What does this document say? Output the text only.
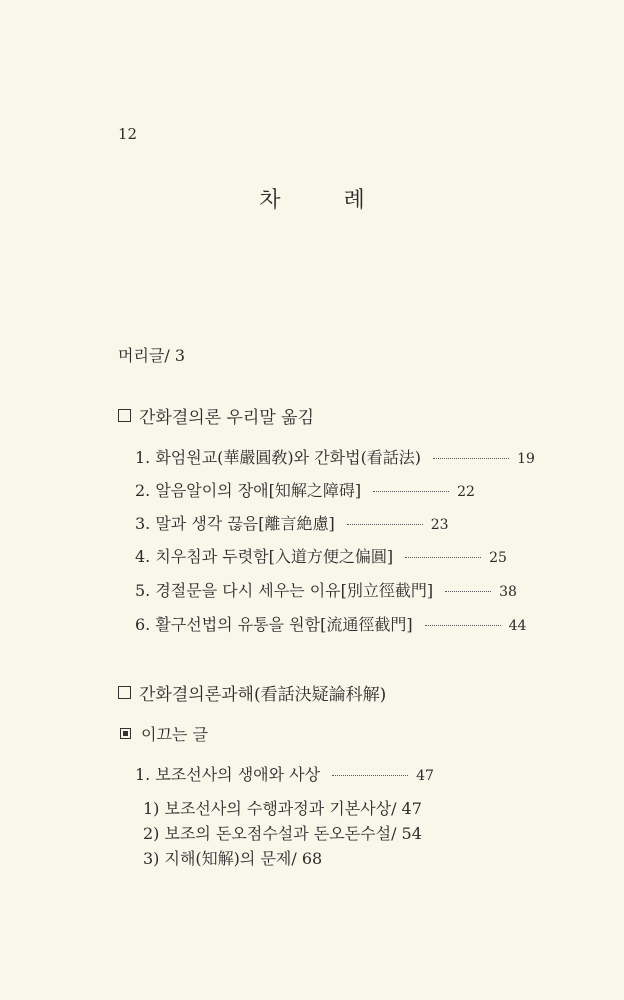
12
차 례
머리글/ 3
간화결의론 우리말 옮김
1. 화엄원교(華嚴圓敎)와 간화법(看話法)	19
2. 알음알이의 장애[知解之障碍]	22
3. 말과 생각 끊음[離言絶慮]	23
4. 치우침과 두렷함[入道方便之偏圓]	25
5. 경절문을 다시 세우는 이유[別立徑截門]	38
6. 활구선법의 유통을 원함[流通徑截門]	44
간화결의론과해(看話決疑論科解)
이끄는 글
1. 보조선사의 생애와 사상	47
1) 보조선사의 수행과정과 기본사상/ 47
2) 보조의 돈오점수설과 돈오돈수설/ 54
3) 지해(知解)의 문제/ 68
